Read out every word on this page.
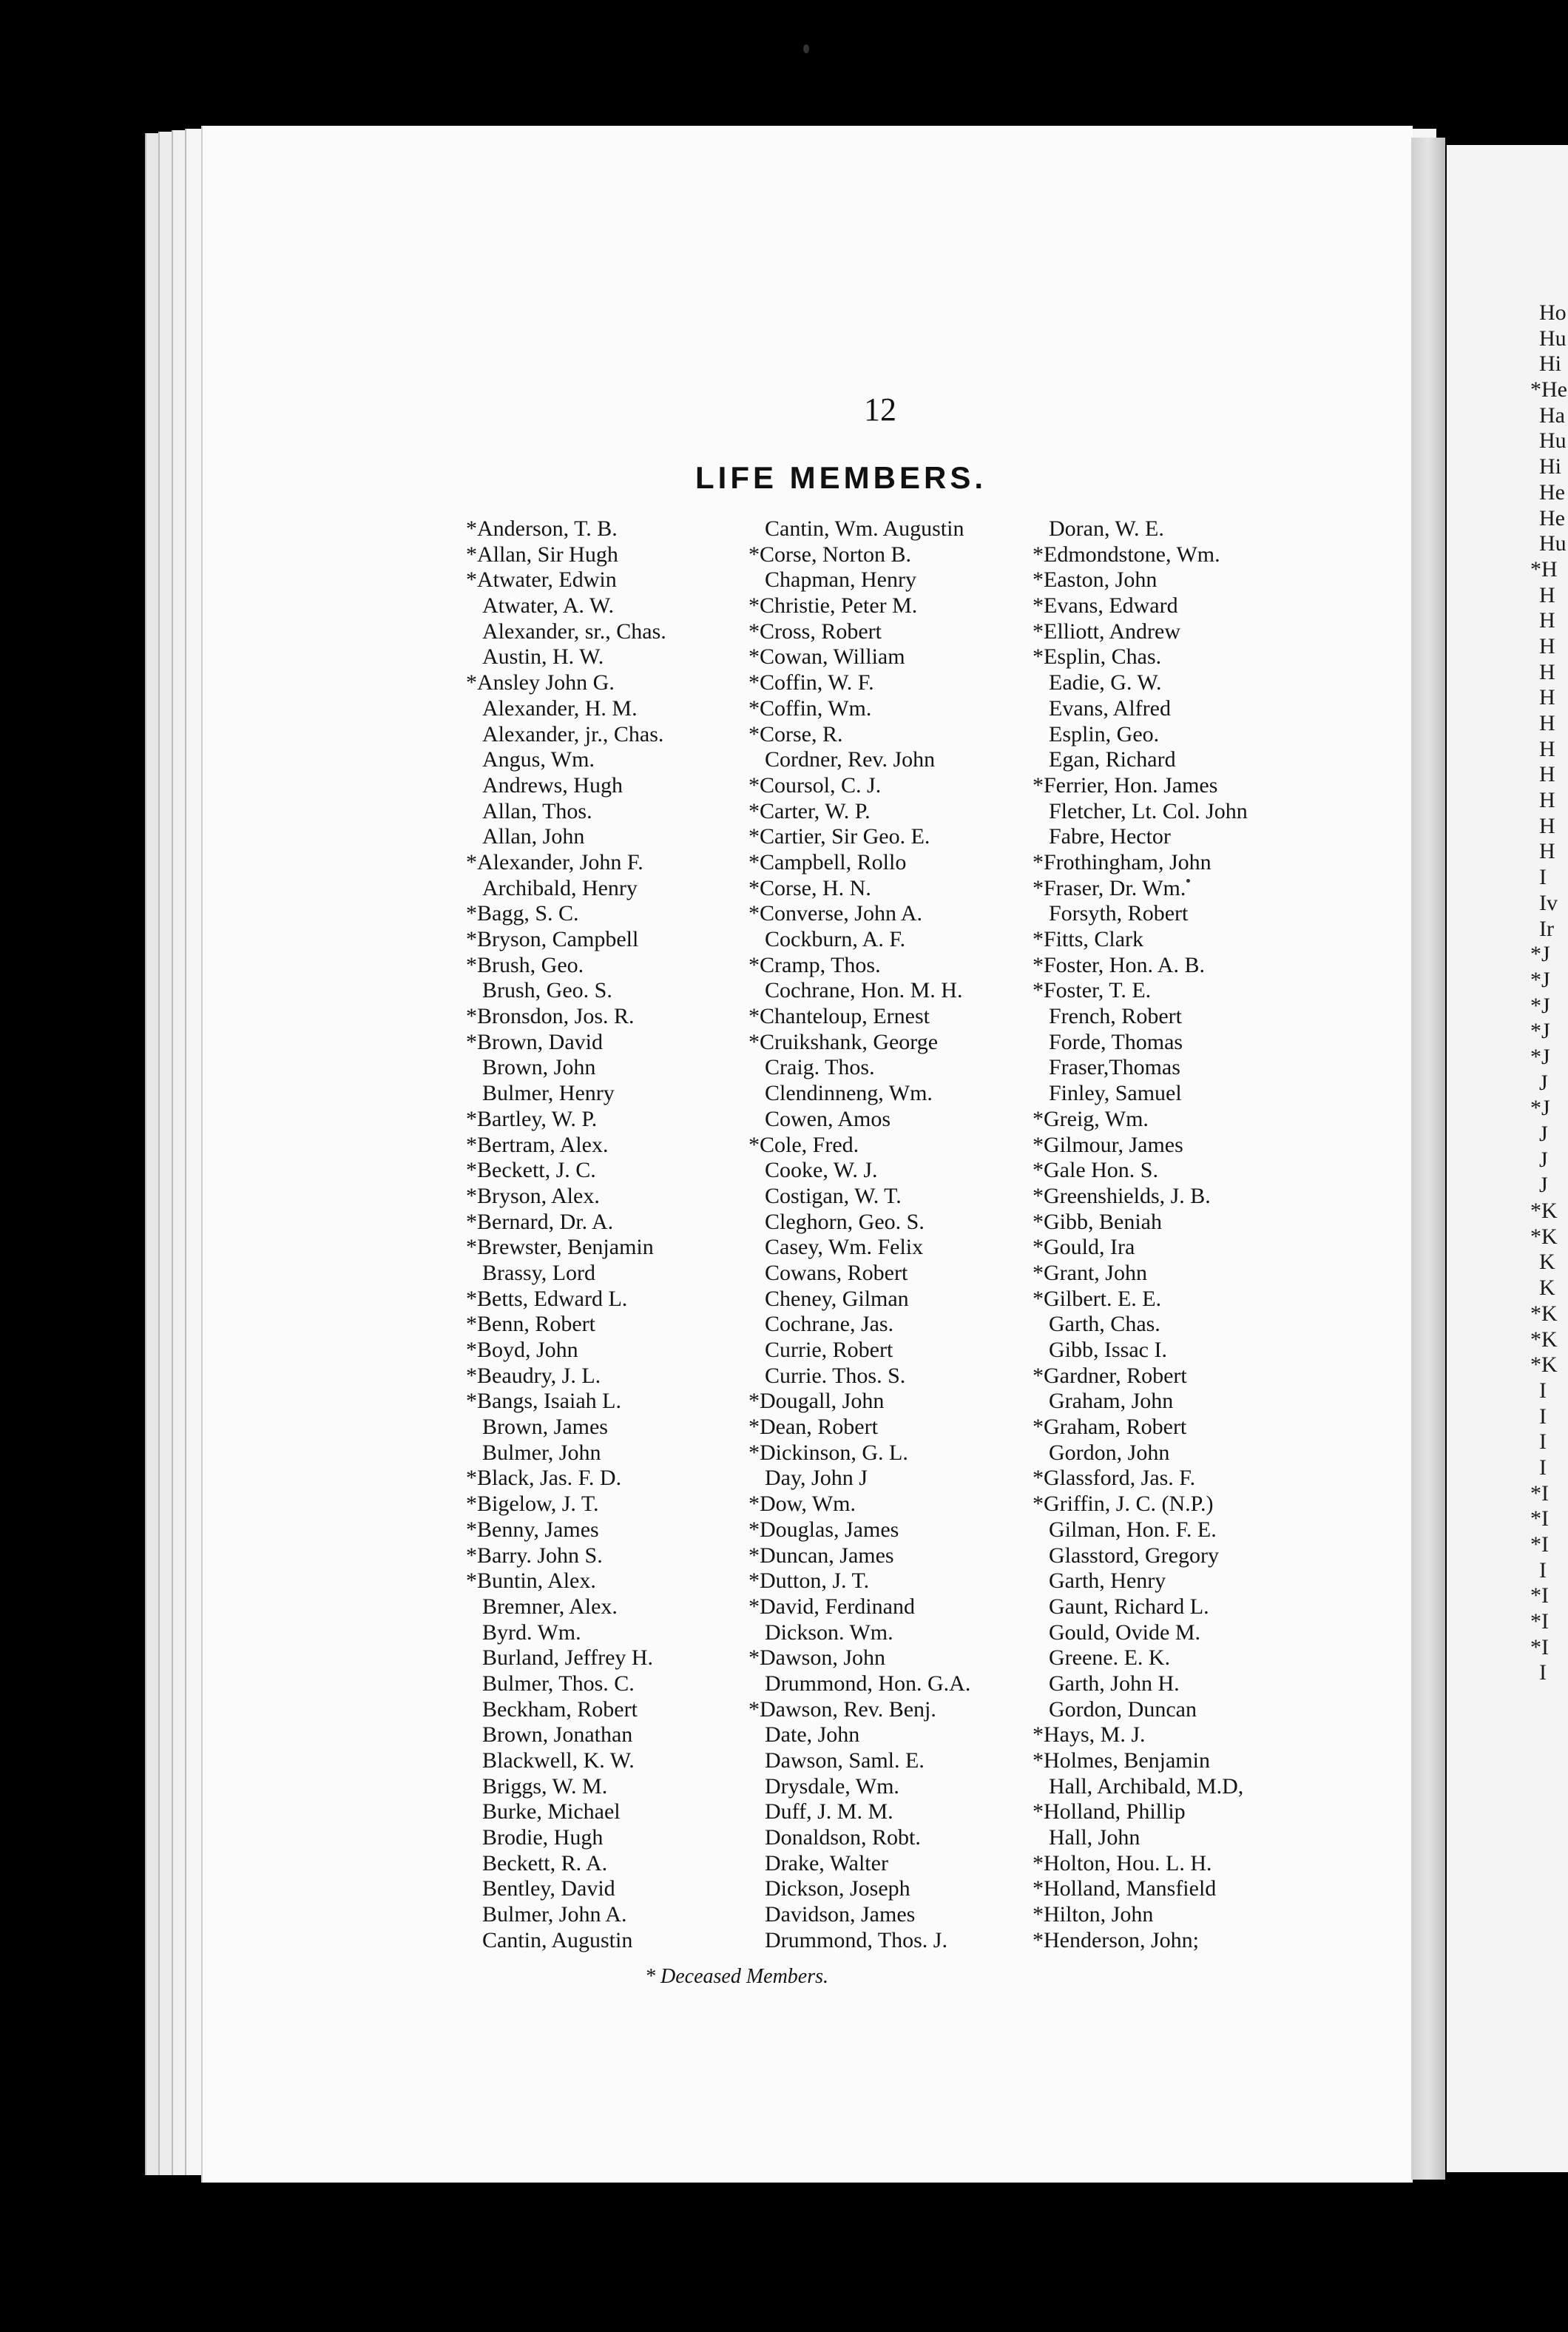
Ho
Hu
Hi
*He
Ha
Hu
Hi
He
He
Hu
*H
H
H
H
H
H
H
H
H
H
H
H
I
Iv
Ir
*J
*J
*J
*J
*J
J
*J
J
J
J
*K
*K
K
K
*K
*K
*K
I
I
I
I
*I
*I
*I
I
*I
*I
*I
I
12
LIFE MEMBERS.
*Anderson, T. B.
*Allan, Sir Hugh
*Atwater, Edwin
Atwater, A. W.
Alexander, sr., Chas.
Austin, H. W.
*Ansley John G.
Alexander, H. M.
Alexander, jr., Chas.
Angus, Wm.
Andrews, Hugh
Allan, Thos.
Allan, John
*Alexander, John F.
Archibald, Henry
*Bagg, S. C.
*Bryson, Campbell
*Brush, Geo.
Brush, Geo. S.
*Bronsdon, Jos. R.
*Brown, David
Brown, John
Bulmer, Henry
*Bartley, W. P.
*Bertram, Alex.
*Beckett, J. C.
*Bryson, Alex.
*Bernard, Dr. A.
*Brewster, Benjamin
Brassy, Lord
*Betts, Edward L.
*Benn, Robert
*Boyd, John
*Beaudry, J. L.
*Bangs, Isaiah L.
Brown, James
Bulmer, John
*Black, Jas. F. D.
*Bigelow, J. T.
*Benny, James
*Barry. John S.
*Buntin, Alex.
Bremner, Alex.
Byrd. Wm.
Burland, Jeffrey H.
Bulmer, Thos. C.
Beckham, Robert
Brown, Jonathan
Blackwell, K. W.
Briggs, W. M.
Burke, Michael
Brodie, Hugh
Beckett, R. A.
Bentley, David
Bulmer, John A.
Cantin, Augustin
Cantin, Wm. Augustin
*Corse, Norton B.
Chapman, Henry
*Christie, Peter M.
*Cross, Robert
*Cowan, William
*Coffin, W. F.
*Coffin, Wm.
*Corse, R.
Cordner, Rev. John
*Coursol, C. J.
*Carter, W. P.
*Cartier, Sir Geo. E.
*Campbell, Rollo
*Corse, H. N.
*Converse, John A.
Cockburn, A. F.
*Cramp, Thos.
Cochrane, Hon. M. H.
*Chanteloup, Ernest
*Cruikshank, George
Craig. Thos.
Clendinneng, Wm.
Cowen, Amos
*Cole, Fred.
Cooke, W. J.
Costigan, W. T.
Cleghorn, Geo. S.
Casey, Wm. Felix
Cowans, Robert
Cheney, Gilman
Cochrane, Jas.
Currie, Robert
Currie. Thos. S.
*Dougall, John
*Dean, Robert
*Dickinson, G. L.
Day, John J
*Dow, Wm.
*Douglas, James
*Duncan, James
*Dutton, J. T.
*David, Ferdinand
Dickson. Wm.
*Dawson, John
Drummond, Hon. G.A.
*Dawson, Rev. Benj.
Date, John
Dawson, Saml. E.
Drysdale, Wm.
Duff, J. M. M.
Donaldson, Robt.
Drake, Walter
Dickson, Joseph
Davidson, James
Drummond, Thos. J.
Doran, W. E.
*Edmondstone, Wm.
*Easton, John
*Evans, Edward
*Elliott, Andrew
*Esplin, Chas.
Eadie, G. W.
Evans, Alfred
Esplin, Geo.
Egan, Richard
*Ferrier, Hon. James
Fletcher, Lt. Col. John
Fabre, Hector
*Frothingham, John
*Fraser, Dr. Wm.
Forsyth, Robert
*Fitts, Clark
*Foster, Hon. A. B.
*Foster, T. E.
French, Robert
Forde, Thomas
Fraser,Thomas
Finley, Samuel
*Greig, Wm.
*Gilmour, James
*Gale Hon. S.
*Greenshields, J. B.
*Gibb, Beniah
*Gould, Ira
*Grant, John
*Gilbert. E. E.
Garth, Chas.
Gibb, Issac I.
*Gardner, Robert
Graham, John
*Graham, Robert
Gordon, John
*Glassford, Jas. F.
*Griffin, J. C. (N.P.)
Gilman, Hon. F. E.
Glasstord, Gregory
Garth, Henry
Gaunt, Richard L.
Gould, Ovide M.
Greene. E. K.
Garth, John H.
Gordon, Duncan
*Hays, M. J.
*Holmes, Benjamin
Hall, Archibald, M.D,
*Holland, Phillip
Hall, John
*Holton, Hou. L. H.
*Holland, Mansfield
*Hilton, John
*Henderson, John;
* Deceased Members.
